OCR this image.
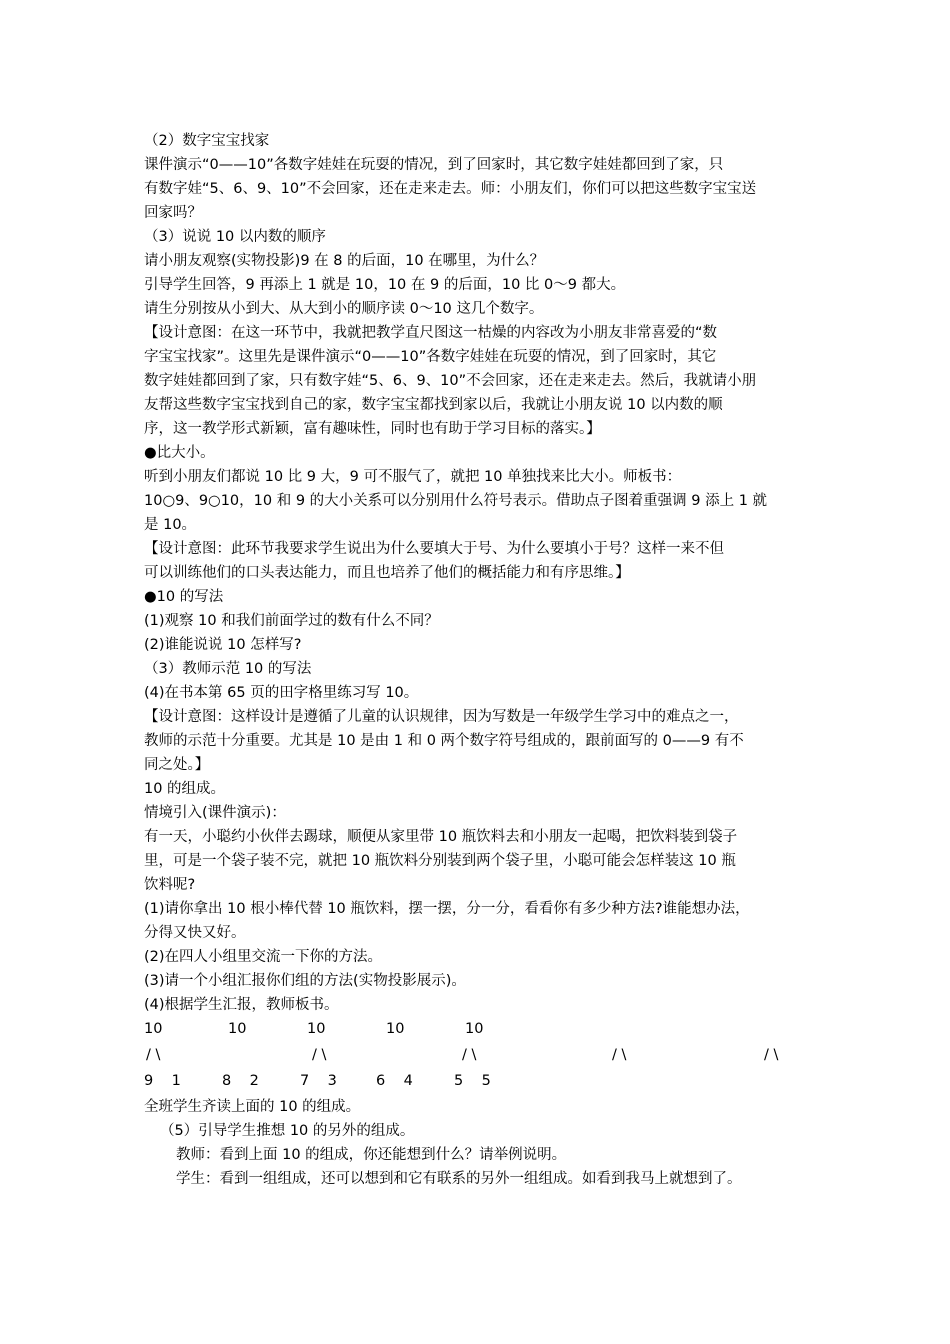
（2）数字宝宝找家
课件演示“0——10”各数字娃娃在玩耍的情况，到了回家时，其它数字娃娃都回到了家，只
有数字娃“5、6、9、10”不会回家，还在走来走去。师：小朋友们，你们可以把这些数字宝宝送
回家吗？
（3）说说 10 以内数的顺序
请小朋友观察(实物投影)9 在 8 的后面，10 在哪里，为什么？
引导学生回答，9 再添上 1 就是 10，10 在 9 的后面，10 比 0～9 都大。
请生分别按从小到大、从大到小的顺序读 0～10 这几个数字。
【设计意图：在这一环节中，我就把教学直尺图这一枯燥的内容改为小朋友非常喜爱的“数
字宝宝找家”。这里先是课件演示“0——10”各数字娃娃在玩耍的情况，到了回家时，其它
数字娃娃都回到了家，只有数字娃“5、6、9、10”不会回家，还在走来走去。然后，我就请小朋
友帮这些数字宝宝找到自己的家，数字宝宝都找到家以后，我就让小朋友说 10 以内数的顺
序，这一教学形式新颖，富有趣味性，同时也有助于学习目标的落实。】
●比大小。
听到小朋友们都说 10 比 9 大，9 可不服气了，就把 10 单独找来比大小。师板书：
10○9、9○10，10 和 9 的大小关系可以分别用什么符号表示。借助点子图着重强调 9 添上 1 就
是 10。
【设计意图：此环节我要求学生说出为什么要填大于号、为什么要填小于号？这样一来不但
可以训练他们的口头表达能力，而且也培养了他们的概括能力和有序思维。】
●10 的写法
(1)观察 10 和我们前面学过的数有什么不同？
(2)谁能说说 10 怎样写?
（3）教师示范 10 的写法
(4)在书本第 65 页的田字格里练习写 10。
【设计意图：这样设计是遵循了儿童的认识规律，因为写数是一年级学生学习中的难点之一，
教师的示范十分重要。尤其是 10 是由 1 和 0 两个数字符号组成的，跟前面写的 0——9 有不
同之处。】
10 的组成。
情境引入(课件演示)：
有一天，小聪约小伙伴去踢球，顺便从家里带 10 瓶饮料去和小朋友一起喝，把饮料装到袋子
里，可是一个袋子装不完，就把 10 瓶饮料分别装到两个袋子里，小聪可能会怎样装这 10 瓶
饮料呢?
(1)请你拿出 10 根小棒代替 10 瓶饮料，摆一摆，分一分，看看你有多少种方法?谁能想办法，
分得又快又好。
(2)在四人小组里交流一下你的方法。
(3)请一个小组汇报你们组的方法(实物投影展示)。
(4)根据学生汇报，教师板书。
10	10	10	10	10
/ \	/ \	/ \	/ \	/ \
9    1	8    2	7    3	6    4	5    5
全班学生齐读上面的 10 的组成。
（5）引导学生推想 10 的另外的组成。
教师：看到上面 10 的组成，你还能想到什么？请举例说明。
学生：看到一组组成，还可以想到和它有联系的另外一组组成。如看到我马上就想到了。
